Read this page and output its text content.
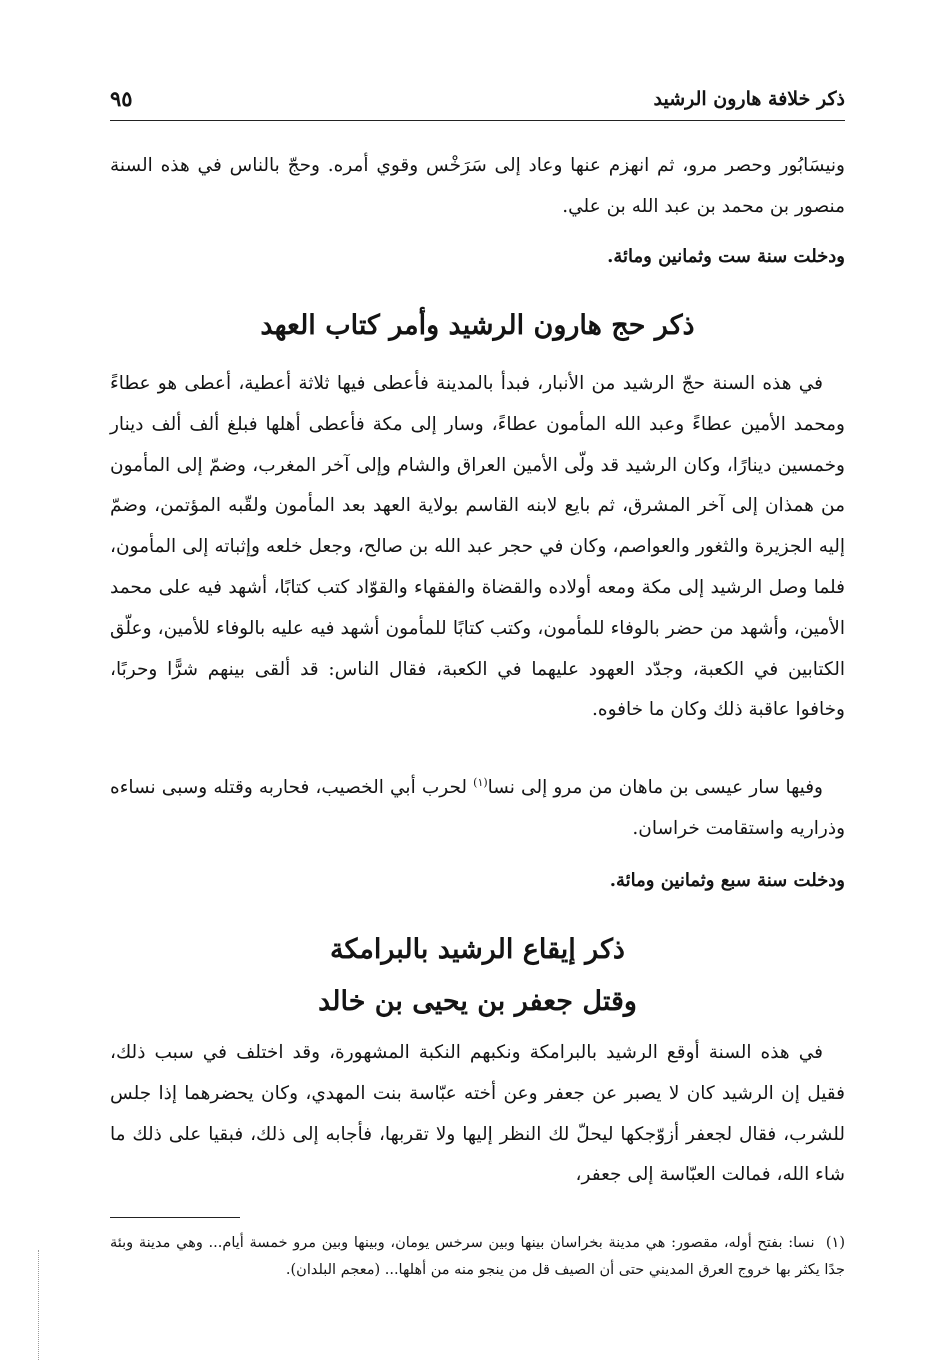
ذكر خلافة هارون الرشيد
٩٥

ونيسَابُور وحصر مرو، ثم انهزم عنها وعاد إلى سَرَخْس وقوي أمره. وحجّ بالناس في هذه السنة منصور بن محمد بن عبد الله بن علي.

ودخلت سنة ست وثمانين ومائة.

ذكر حج هارون الرشيد وأمر كتاب العهد

في هذه السنة حجّ الرشيد من الأنبار، فبدأ بالمدينة فأعطى فيها ثلاثة أعطية، أعطى هو عطاءً ومحمد الأمين عطاءً وعبد الله المأمون عطاءً، وسار إلى مكة فأعطى أهلها فبلغ ألف ألف دينار وخمسين دينارًا، وكان الرشيد قد ولّى الأمين العراق والشام وإلى آخر المغرب، وضمّ إلى المأمون من همذان إلى آخر المشرق، ثم بايع لابنه القاسم بولاية العهد بعد المأمون ولقّبه المؤتمن، وضمّ إليه الجزيرة والثغور والعواصم، وكان في حجر عبد الله بن صالح، وجعل خلعه وإثباته إلى المأمون، فلما وصل الرشيد إلى مكة ومعه أولاده والقضاة والفقهاء والقوّاد كتب كتابًا، أشهد فيه على محمد الأمين، وأشهد من حضر بالوفاء للمأمون، وكتب كتابًا للمأمون أشهد فيه عليه بالوفاء للأمين، وعلّق الكتابين في الكعبة، وجدّد العهود عليهما في الكعبة، فقال الناس: قد ألقى بينهم شرًّا وحربًا، وخافوا عاقبة ذلك وكان ما خافوه.

وفيها سار عيسى بن ماهان من مرو إلى نسا$^{(١)}$ لحرب أبي الخصيب، فحاربه وقتله وسبى نساءه وذراريه واستقامت خراسان.

ودخلت سنة سبع وثمانين ومائة.

ذكر إيقاع الرشيد بالبرامكة
وقتل جعفر بن يحيى بن خالد

في هذه السنة أوقع الرشيد بالبرامكة ونكبهم النكبة المشهورة، وقد اختلف في سبب ذلك، فقيل إن الرشيد كان لا يصبر عن جعفر وعن أخته عبّاسة بنت المهدي، وكان يحضرهما إذا جلس للشرب، فقال لجعفر أزوّجكها ليحلّ لك النظر إليها ولا تقربها، فأجابه إلى ذلك، فبقيا على ذلك ما شاء الله، فمالت العبّاسة إلى جعفر،

(١)  نسا: بفتح أوله، مقصور: هي مدينة بخراسان بينها وبين سرخس يومان، وبينها وبين مرو خمسة أيام... وهي مدينة وبئة جدًا يكثر بها خروج العرق المديني حتى أن الصيف قل من ينجو منه من أهلها... (معجم البلدان).
